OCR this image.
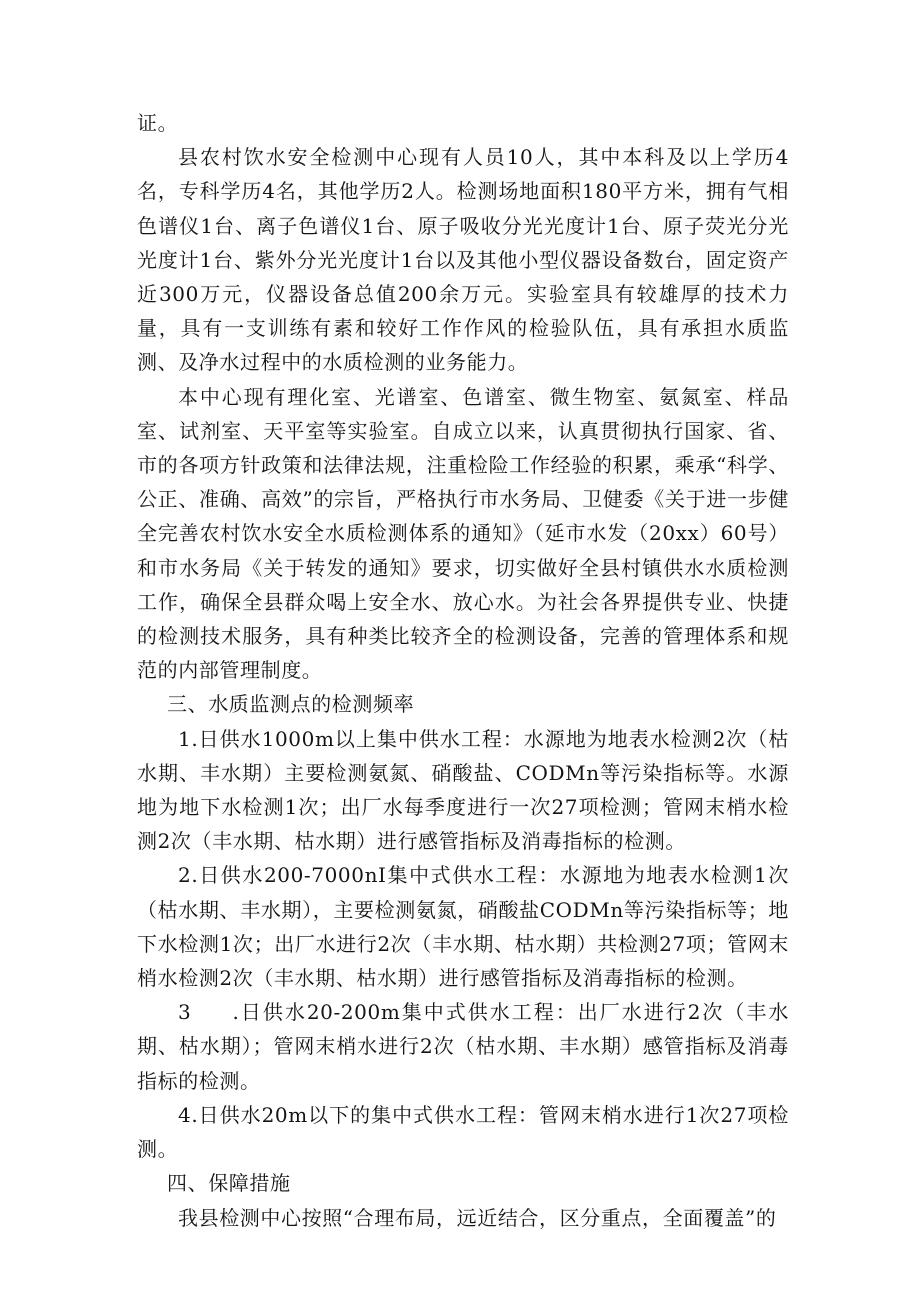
证。

县农村饮水安全检测中心现有人员10人，其中本科及以上学历4名，专科学历4名，其他学历2人。检测场地面积180平方米，拥有气相色谱仪1台、离子色谱仪1台、原子吸收分光光度计1台、原子荧光分光光度计1台、紫外分光光度计1台以及其他小型仪器设备数台，固定资产近300万元，仪器设备总值200余万元。实验室具有较雄厚的技术力量，具有一支训练有素和较好工作作风的检验队伍，具有承担水质监测、及净水过程中的水质检测的业务能力。

本中心现有理化室、光谱室、色谱室、微生物室、氨氮室、样品室、试剂室、天平室等实验室。自成立以来，认真贯彻执行国家、省、市的各项方针政策和法律法规，注重检险工作经验的积累，乘承“科学、公正、准确、高效”的宗旨，严格执行市水务局、卫健委《关于进一步健全完善农村饮水安全水质检测体系的通知》（延市水发（20xx）60号）和市水务局《关于转发的通知》要求，切实做好全县村镇供水水质检测工作，确保全县群众喝上安全水、放心水。为社会各界提供专业、快捷的检测技术服务，具有种类比较齐全的检测设备，完善的管理体系和规范的内部管理制度。

三、水质监测点的检测频率

1.日供水1000m以上集中供水工程：水源地为地表水检测2次（枯水期、丰水期）主要检测氨氮、硝酸盐、CODMn等污染指标等。水源地为地下水检测1次；出厂水每季度进行一次27项检测；管网末梢水检测2次（丰水期、枯水期）进行感管指标及消毒指标的检测。

2.日供水200-7000nI集中式供水工程：水源地为地表水检测1次（枯水期、丰水期），主要检测氨氮，硝酸盐CODMn等污染指标等；地下水检测1次；出厂水进行2次（丰水期、枯水期）共检测27项；管网末梢水检测2次（丰水期、枯水期）进行感管指标及消毒指标的检测。

3  .日供水20-200m集中式供水工程：出厂水进行2次（丰水期、枯水期）；管网末梢水进行2次（枯水期、丰水期）感管指标及消毒指标的检测。

4.日供水20m以下的集中式供水工程：管网末梢水进行1次27项检测。

四、保障措施

我县检测中心按照“合理布局，远近结合，区分重点，全面覆盖”的
